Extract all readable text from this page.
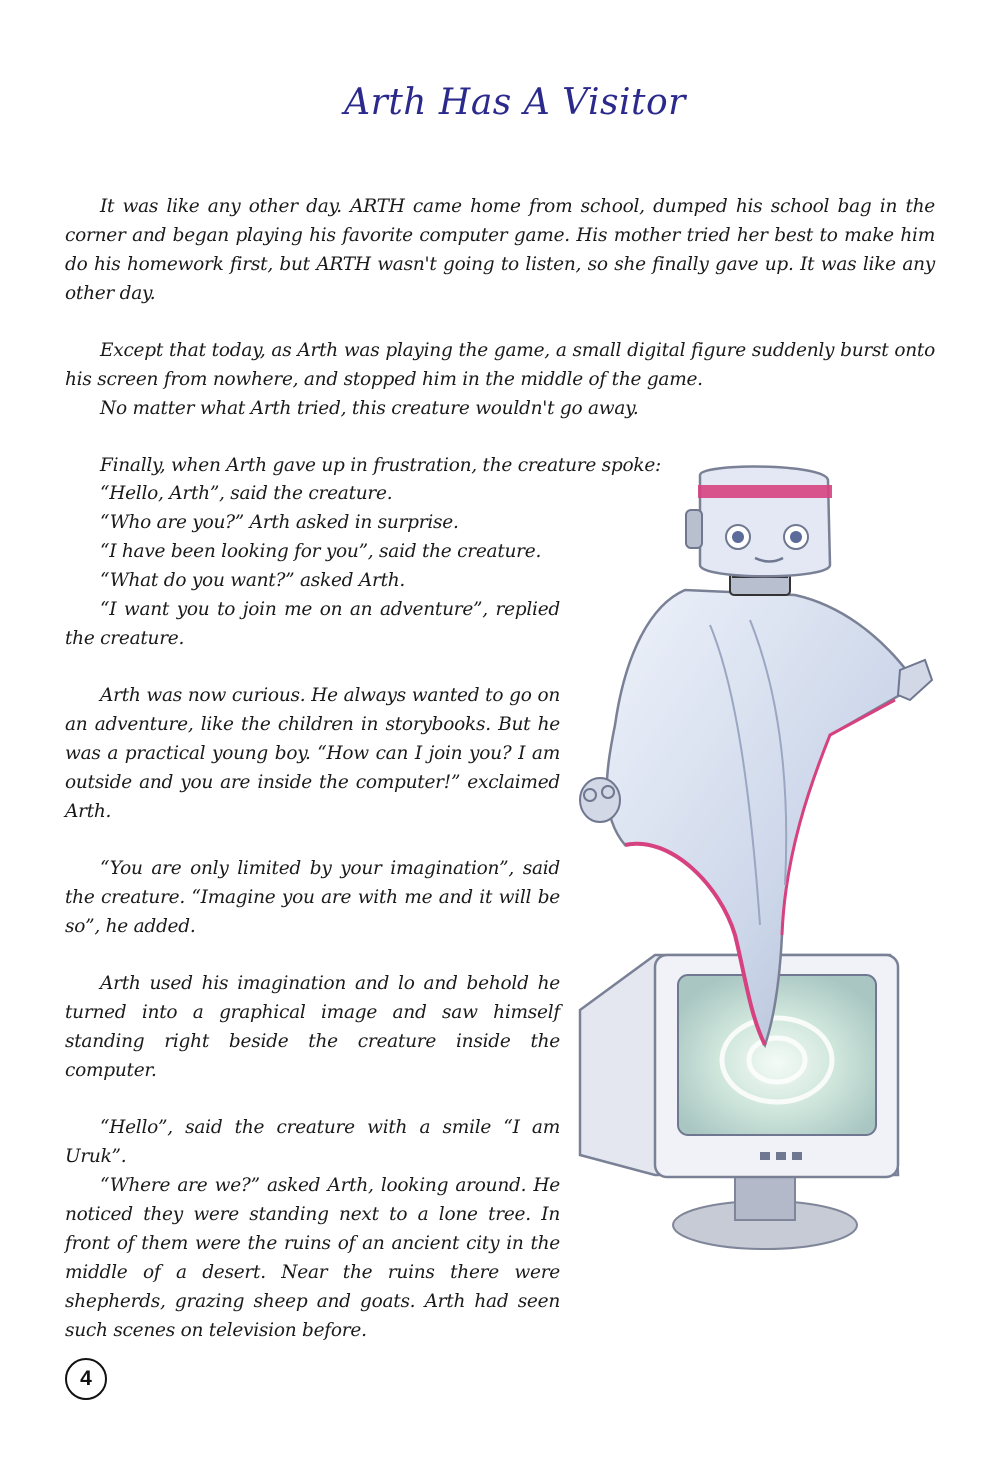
Arth Has A Visitor

It was like any other day. ARTH came home from school, dumped his school bag in the corner and began playing his favorite computer game. His mother tried her best to make him do his homework first, but ARTH wasn't going to listen, so she finally gave up. It was like any other day.

Except that today, as Arth was playing the game, a small digital figure suddenly burst onto his screen from nowhere, and stopped him in the middle of the game.

No matter what Arth tried, this creature wouldn't go away.

Finally, when Arth gave up in frustration, the creature spoke:

“Hello, Arth”, said the creature.

“Who are you?” Arth asked in surprise.

“I have been looking for you”, said the creature.

“What do you want?” asked Arth.

“I want you to join me on an adventure”, replied the creature.

Arth was now curious. He always wanted to go on an adventure, like the children in storybooks. But he was a practical young boy. “How can I join you? I am outside and you are inside the computer!” exclaimed Arth.

“You are only limited by your imagination”, said the creature. “Imagine you are with me and it will be so”, he added.

Arth used his imagination and lo and behold he turned into a graphical image and saw himself standing right beside the creature inside the computer.

“Hello”, said the creature with a smile “I am Uruk”.

“Where are we?” asked Arth, looking around. He noticed they were standing next to a lone tree. In front of them were the ruins of an ancient city in the middle of a desert. Near the ruins there were shepherds, grazing sheep and goats. Arth had seen such scenes on television before.

4
